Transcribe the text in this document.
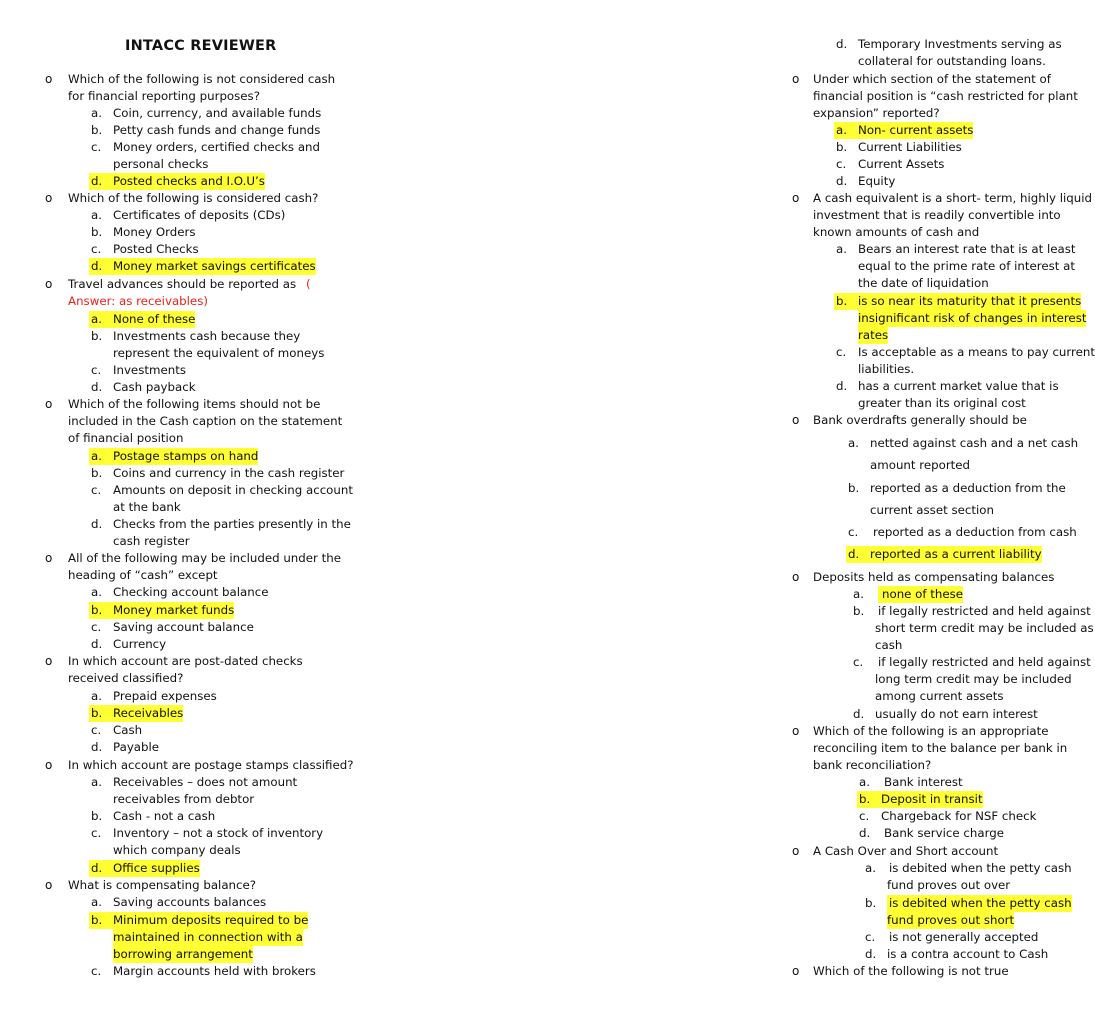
INTACC REVIEWER
o Which of the following is not considered cash
for financial reporting purposes?
a. Coin, currency, and available funds
b. Petty cash funds and change funds
c. Money orders, certified checks and
personal checks
d. Posted checks and I.O.U’s
o Which of the following is considered cash?
a. Certificates of deposits (CDs)
b. Money Orders
c. Posted Checks
d. Money market savings certificates
o Travel advances should be reported as (
Answer: as receivables)
a. None of these
b. Investments cash because they
represent the equivalent of moneys
c. Investments
d. Cash payback
o Which of the following items should not be
included in the Cash caption on the statement
of financial position
a. Postage stamps on hand
b. Coins and currency in the cash register
c. Amounts on deposit in checking account
at the bank
d. Checks from the parties presently in the
cash register
o All of the following may be included under the
heading of “cash” except
a. Checking account balance
b. Money market funds
c. Saving account balance
d. Currency
o In which account are post-dated checks
received classified?
a. Prepaid expenses
b. Receivables
c. Cash
d. Payable
o In which account are postage stamps classified?
a. Receivables – does not amount
receivables from debtor
b. Cash - not a cash
c. Inventory – not a stock of inventory
which company deals
d. Office supplies
o What is compensating balance?
a. Saving accounts balances
b. Minimum deposits required to be
maintained in connection with a
borrowing arrangement
c. Margin accounts held with brokers
d. Temporary Investments serving as
collateral for outstanding loans.
o Under which section of the statement of
financial position is “cash restricted for plant
expansion” reported?
a. Non- current assets
b. Current Liabilities
c. Current Assets
d. Equity
o A cash equivalent is a short- term, highly liquid
investment that is readily convertible into
known amounts of cash and
a. Bears an interest rate that is at least
equal to the prime rate of interest at
the date of liquidation
b. is so near its maturity that it presents
insignificant risk of changes in interest
rates
c. Is acceptable as a means to pay current
liabilities.
d. has a current market value that is
greater than its original cost
o Bank overdrafts generally should be
a. netted against cash and a net cash
amount reported
b. reported as a deduction from the
current asset section
c. reported as a deduction from cash
d. reported as a current liability
o Deposits held as compensating balances
a.	none of these
b. if legally restricted and held against
short term credit may be included as
cash
c. if legally restricted and held against
long term credit may be included
among current assets
d. usually do not earn interest
o Which of the following is an appropriate
reconciling item to the balance per bank in
bank reconciliation?
a. Bank interest
b. Deposit in transit
c. Chargeback for NSF check
d. Bank service charge
o A Cash Over and Short account
a. is debited when the petty cash
fund proves out over
b. is debited when the petty cash
fund proves out short
c. is not generally accepted
d. is a contra account to Cash
o Which of the following is not true
